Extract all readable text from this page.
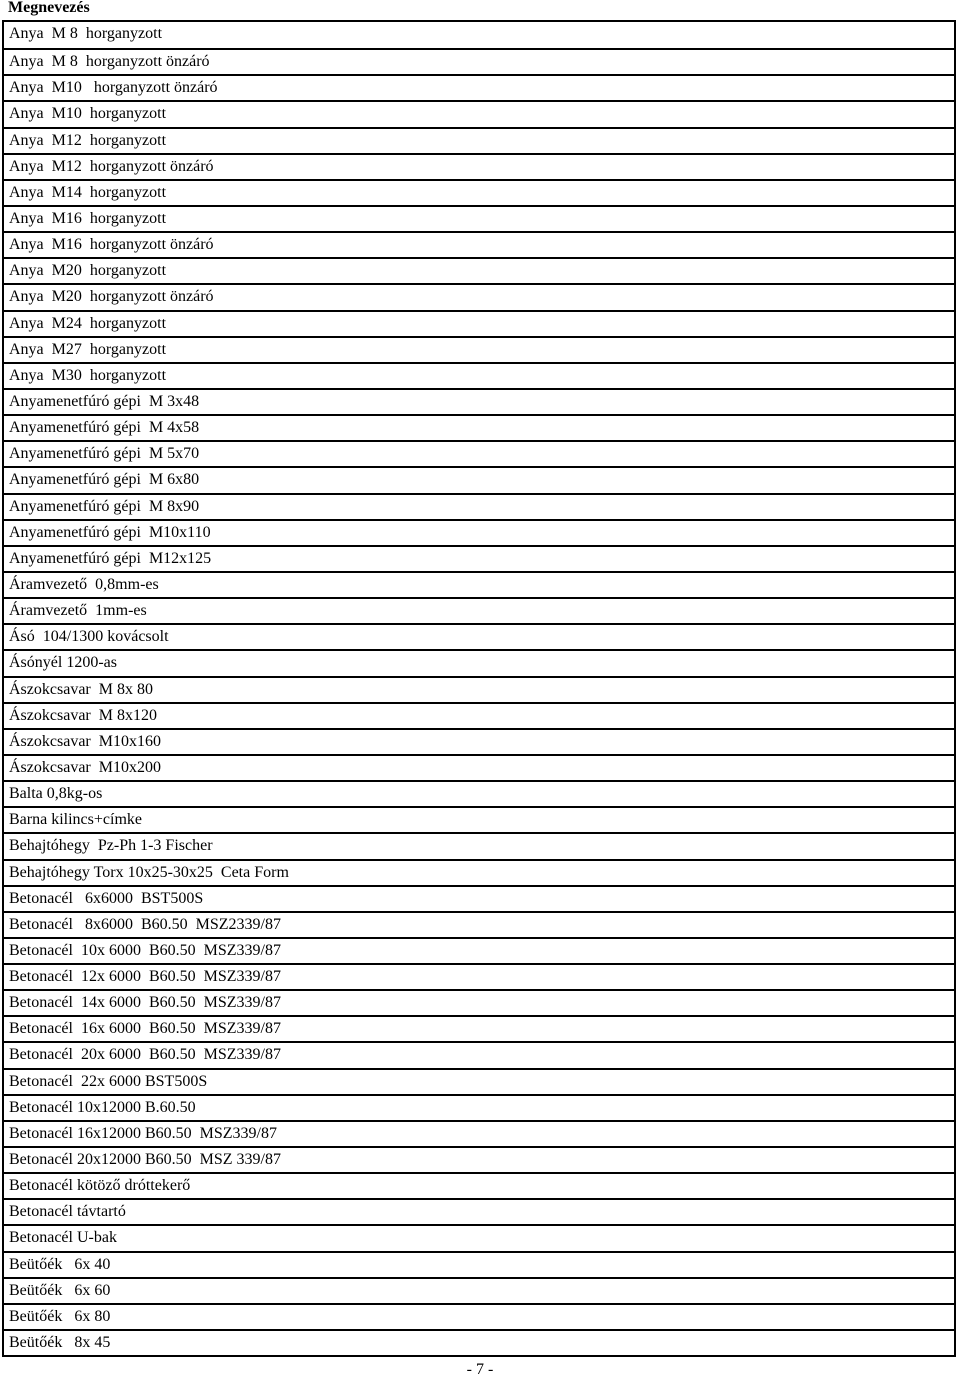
Megnevezés
Anya  M 8  horganyzott
Anya  M 8  horganyzott önzáró
Anya  M10   horganyzott önzáró
Anya  M10  horganyzott
Anya  M12  horganyzott
Anya  M12  horganyzott önzáró
Anya  M14  horganyzott
Anya  M16  horganyzott
Anya  M16  horganyzott önzáró
Anya  M20  horganyzott
Anya  M20  horganyzott önzáró
Anya  M24  horganyzott
Anya  M27  horganyzott
Anya  M30  horganyzott
Anyamenetfúró gépi  M 3x48
Anyamenetfúró gépi  M 4x58
Anyamenetfúró gépi  M 5x70
Anyamenetfúró gépi  M 6x80
Anyamenetfúró gépi  M 8x90
Anyamenetfúró gépi  M10x110
Anyamenetfúró gépi  M12x125
Áramvezető  0,8mm-es
Áramvezető  1mm-es
Ásó  104/1300 kovácsolt
Ásónyél 1200-as
Ászokcsavar  M 8x 80
Ászokcsavar  M 8x120
Ászokcsavar  M10x160
Ászokcsavar  M10x200
Balta 0,8kg-os
Barna kilincs+címke
Behajtóhegy  Pz-Ph 1-3 Fischer
Behajtóhegy Torx 10x25-30x25  Ceta Form
Betonacél   6x6000  BST500S
Betonacél   8x6000  B60.50  MSZ2339/87
Betonacél  10x 6000  B60.50  MSZ339/87
Betonacél  12x 6000  B60.50  MSZ339/87
Betonacél  14x 6000  B60.50  MSZ339/87
Betonacél  16x 6000  B60.50  MSZ339/87
Betonacél  20x 6000  B60.50  MSZ339/87
Betonacél  22x 6000 BST500S
Betonacél 10x12000 B.60.50
Betonacél 16x12000 B60.50  MSZ339/87
Betonacél 20x12000 B60.50  MSZ 339/87
Betonacél kötöző dróttekerő
Betonacél távtartó
Betonacél U-bak
Beütőék   6x 40
Beütőék   6x 60
Beütőék   6x 80
Beütőék   8x 45
- 7 -
